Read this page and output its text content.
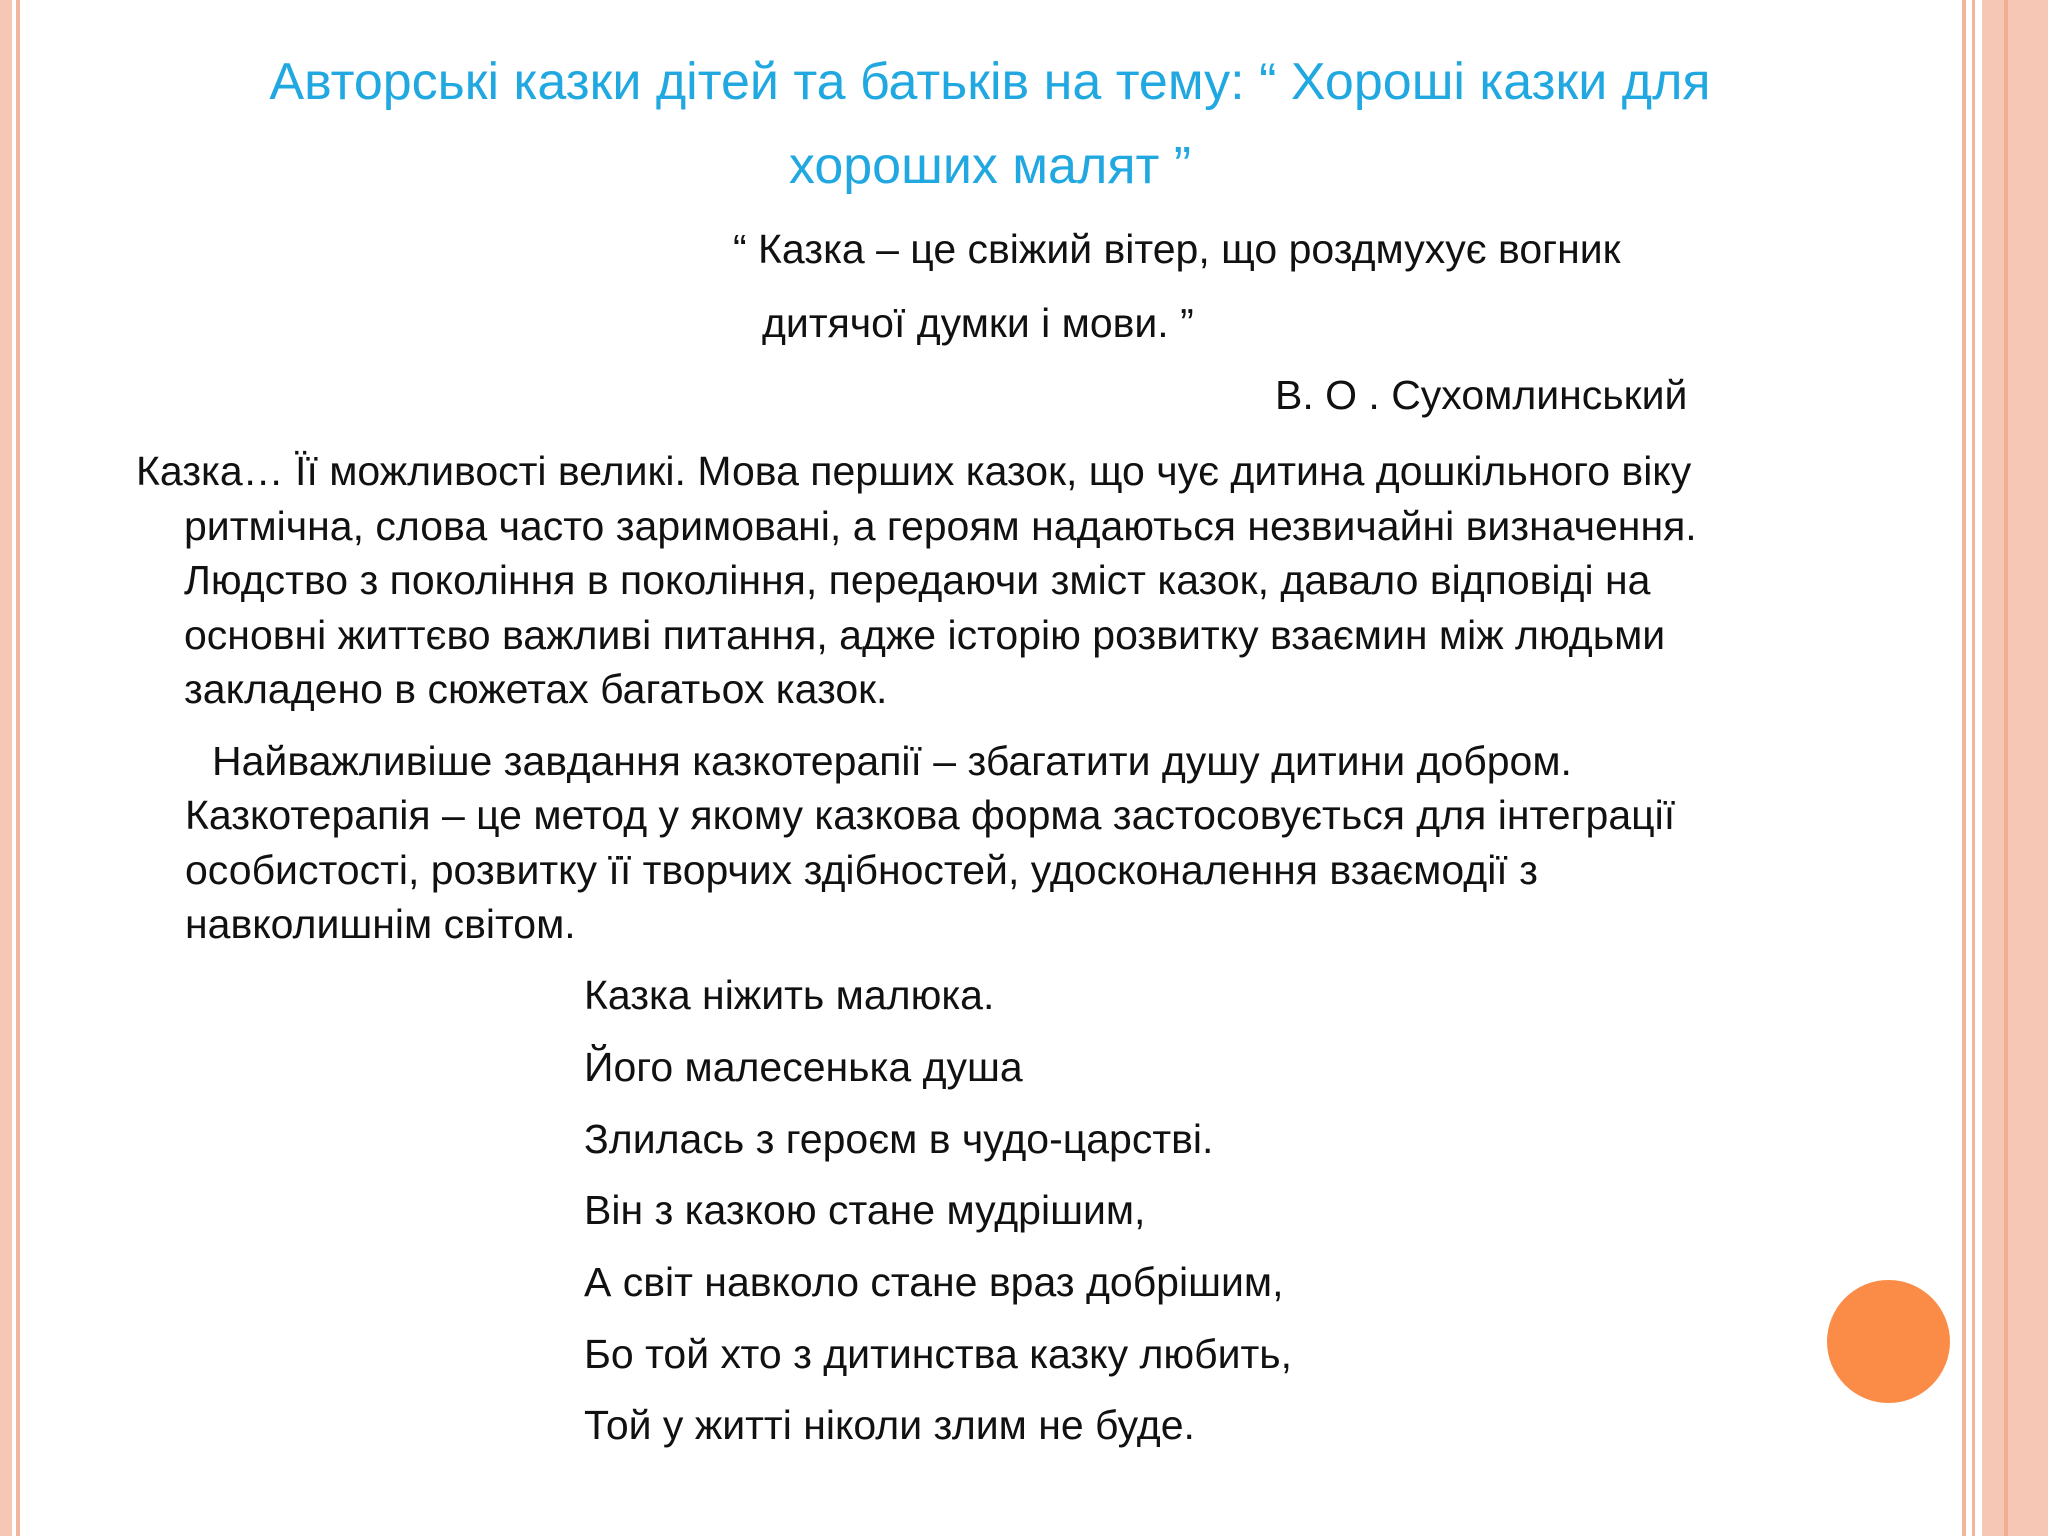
Авторські казки дітей та батьків на тему: “ Хороші казки для
хороших малят ”
“ Казка – це свіжий вітер, що роздмухує вогник
дитячої думки і мови. ”
В. О . Сухомлинський
Казка… Її можливості великі. Мова перших казок, що чує дитина дошкільного віку
ритмічна, слова часто заримовані, а героям надаються незвичайні визначення.
Людство з покоління в покоління, передаючи зміст казок, давало відповіді на
основні життєво важливі питання, адже історію розвитку взаємин між людьми
закладено в сюжетах багатьох казок.
Найважливіше завдання казкотерапії – збагатити душу дитини добром.
Казкотерапія – це метод у якому казкова форма застосовується для інтеграції
особистості, розвитку її творчих здібностей, удосконалення взаємодії з
навколишнім світом.
Казка ніжить малюка.
Його малесенька душа
Злилась з героєм в чудо-царстві.
Він з казкою стане мудрішим,
А світ навколо стане враз добрішим,
Бо той хто з дитинства казку любить,
Той у житті ніколи злим не буде.
